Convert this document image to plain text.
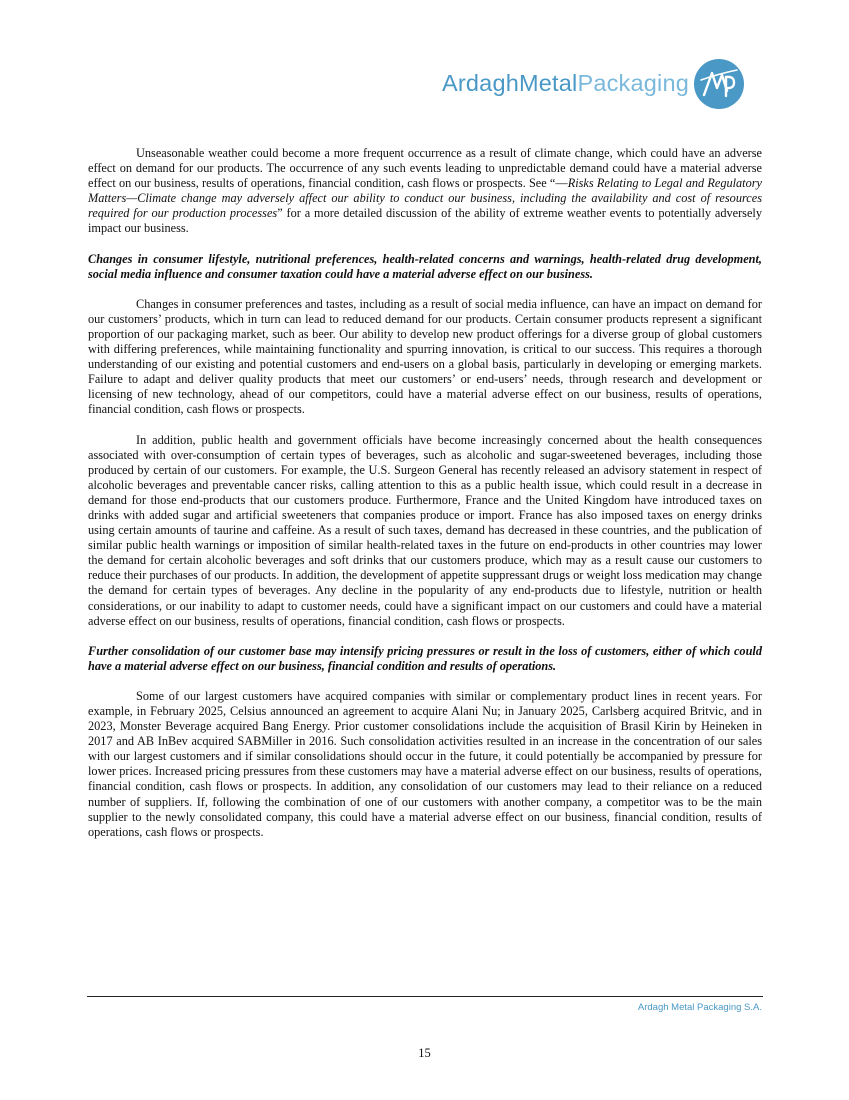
ArdaghMetalPackaging

Unseasonable weather could become a more frequent occurrence as a result of climate change, which could have an adverse effect on demand for our products. The occurrence of any such events leading to unpredictable demand could have a material adverse effect on our business, results of operations, financial condition, cash flows or prospects. See “—Risks Relating to Legal and Regulatory Matters—Climate change may adversely affect our ability to conduct our business, including the availability and cost of resources required for our production processes” for a more detailed discussion of the ability of extreme weather events to potentially adversely impact our business.

Changes in consumer lifestyle, nutritional preferences, health-related concerns and warnings, health-related drug development, social media influence and consumer taxation could have a material adverse effect on our business.

Changes in consumer preferences and tastes, including as a result of social media influence, can have an impact on demand for our customers’ products, which in turn can lead to reduced demand for our products. Certain consumer products represent a significant proportion of our packaging market, such as beer. Our ability to develop new product offerings for a diverse group of global customers with differing preferences, while maintaining functionality and spurring innovation, is critical to our success. This requires a thorough understanding of our existing and potential customers and end-users on a global basis, particularly in developing or emerging markets. Failure to adapt and deliver quality products that meet our customers’ or end-users’ needs, through research and development or licensing of new technology, ahead of our competitors, could have a material adverse effect on our business, results of operations, financial condition, cash flows or prospects.

In addition, public health and government officials have become increasingly concerned about the health consequences associated with over-consumption of certain types of beverages, such as alcoholic and sugar-sweetened beverages, including those produced by certain of our customers. For example, the U.S. Surgeon General has recently released an advisory statement in respect of alcoholic beverages and preventable cancer risks, calling attention to this as a public health issue, which could result in a decrease in demand for those end-products that our customers produce. Furthermore, France and the United Kingdom have introduced taxes on drinks with added sugar and artificial sweeteners that companies produce or import. France has also imposed taxes on energy drinks using certain amounts of taurine and caffeine. As a result of such taxes, demand has decreased in these countries, and the publication of similar public health warnings or imposition of similar health-related taxes in the future on end-products in other countries may lower the demand for certain alcoholic beverages and soft drinks that our customers produce, which may as a result cause our customers to reduce their purchases of our products. In addition, the development of appetite suppressant drugs or weight loss medication may change the demand for certain types of beverages. Any decline in the popularity of any end-products due to lifestyle, nutrition or health considerations, or our inability to adapt to customer needs, could have a significant impact on our customers and could have a material adverse effect on our business, results of operations, financial condition, cash flows or prospects.

Further consolidation of our customer base may intensify pricing pressures or result in the loss of customers, either of which could have a material adverse effect on our business, financial condition and results of operations.

Some of our largest customers have acquired companies with similar or complementary product lines in recent years. For example, in February 2025, Celsius announced an agreement to acquire Alani Nu; in January 2025, Carlsberg acquired Britvic, and in 2023, Monster Beverage acquired Bang Energy. Prior customer consolidations include the acquisition of Brasil Kirin by Heineken in 2017 and AB InBev acquired SABMiller in 2016. Such consolidation activities resulted in an increase in the concentration of our sales with our largest customers and if similar consolidations should occur in the future, it could potentially be accompanied by pressure for lower prices. Increased pricing pressures from these customers may have a material adverse effect on our business, results of operations, financial condition, cash flows or prospects. In addition, any consolidation of our customers may lead to their reliance on a reduced number of suppliers. If, following the combination of one of our customers with another company, a competitor was to be the main supplier to the newly consolidated company, this could have a material adverse effect on our business, financial condition, results of operations, cash flows or prospects.

Ardagh Metal Packaging S.A.
15
